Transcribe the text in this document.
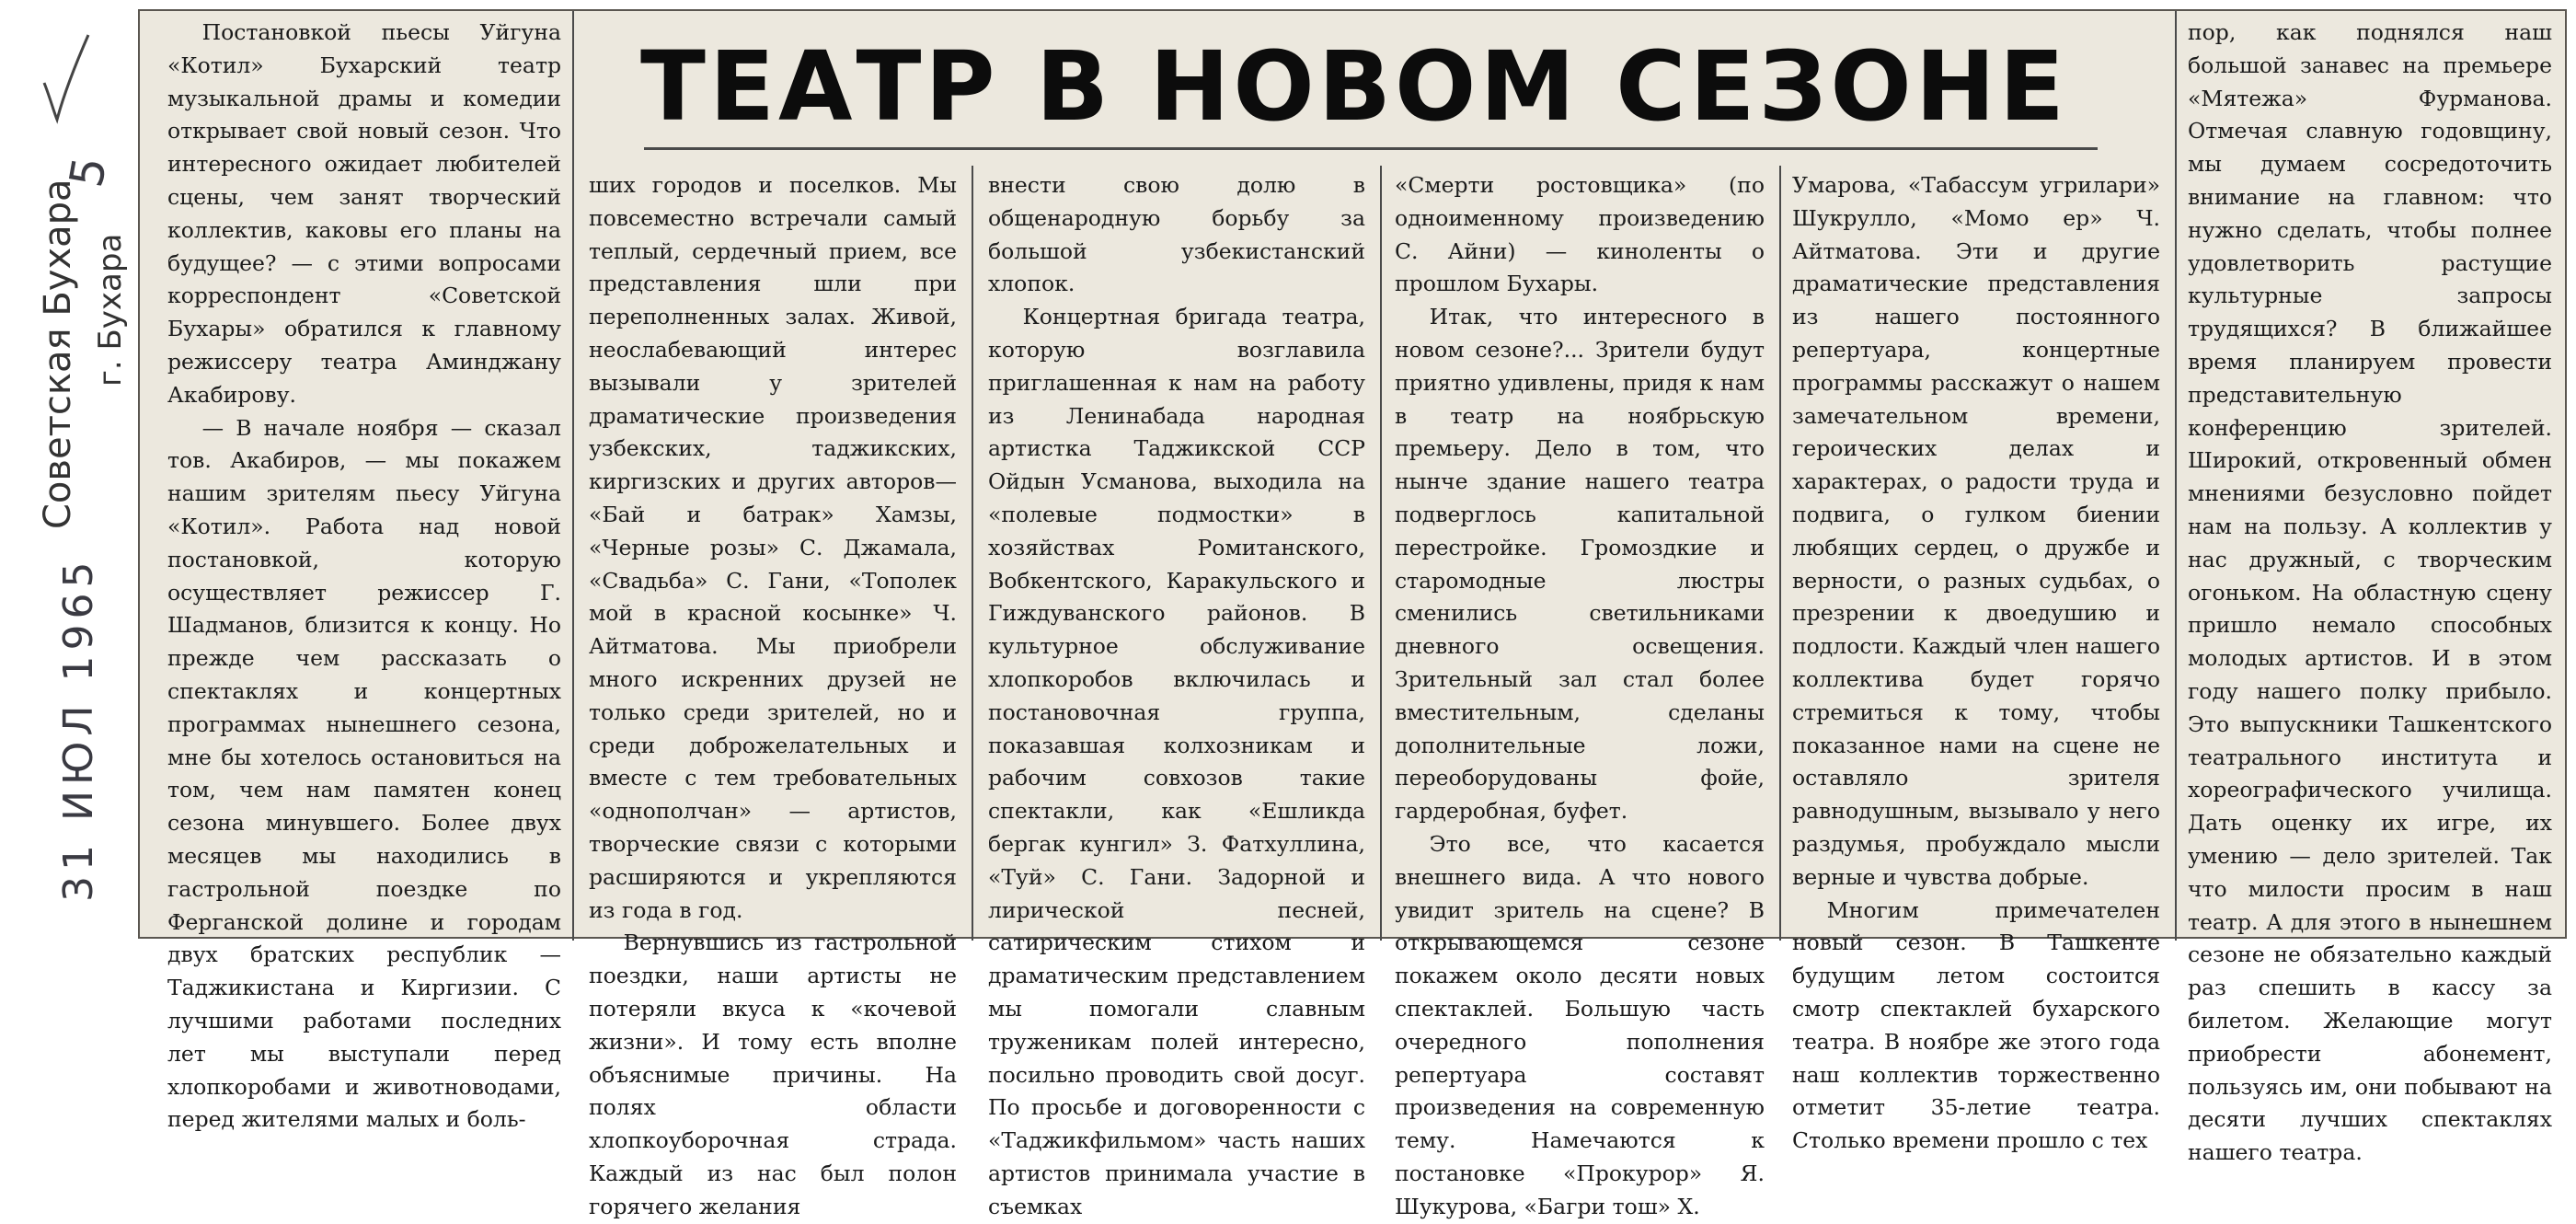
5
Советская Бухара г. Бухара
31 ИЮЛ 1965

Постановкой пьесы Уйгуна «Котил» Бухарский театр музыкальной драмы и комедии открывает свой новый сезон. Что интересного ожидает любителей сцены, чем занят творческий коллектив, каковы его планы на будущее? — с этими вопросами корреспондент «Советской Бухары» обратился к главному режиссеру театра Аминджану Акабирову.

— В начале ноября — сказал тов. Акабиров, — мы покажем нашим зрителям пьесу Уйгуна «Котил». Работа над новой постановкой, которую осуществляет режиссер Г. Шадманов, близится к концу. Но прежде чем рассказать о спектаклях и концертных программах нынешнего сезона, мне бы хотелось остановиться на том, чем нам памятен конец сезона минувшего. Более двух месяцев мы находились в гастрольной поездке по Ферганской долине и городам двух братских республик — Таджикистана и Киргизии. С лучшими работами последних лет мы выступали перед хлопкоробами и животноводами, перед жителями малых и боль-

ТЕАТР В НОВОМ СЕЗОНЕ

ших городов и поселков. Мы повсеместно встречали самый теплый, сердечный прием, все представления шли при переполненных залах. Живой, неослабевающий интерес вызывали у зрителей драматические произведения узбекских, таджикских, киргизских и других авторов— «Бай и батрак» Хамзы, «Черные розы» С. Джамала, «Свадьба» С. Гани, «Тополек мой в красной косынке» Ч. Айтматова. Мы приобрели много искренних друзей не только среди зрителей, но и среди доброжелательных и вместе с тем требовательных «однополчан» — артистов, творческие связи с которыми расширяются и укрепляются из года в год.

Вернувшись из гастрольной поездки, наши артисты не потеряли вкуса к «кочевой жизни». И тому есть вполне объяснимые причины. На полях области хлопкоуборочная страда. Каждый из нас был полон горячего желания

внести свою долю в общенародную борьбу за большой узбекистанский хлопок.

Концертная бригада театра, которую возглавила приглашенная к нам на работу из Ленинабада народная артистка Таджикской ССР Ойдын Усманова, выходила на «полевые подмостки» в хозяйствах Ромитанского, Вобкентского, Каракульского и Гиждуванского районов. В культурное обслуживание хлопкоробов включилась и постановочная группа, показавшая колхозникам и рабочим совхозов такие спектакли, как «Ешликда бергак кунгил» З. Фатхуллина, «Туй» С. Гани. Задорной и лирической песней, сатирическим стихом и драматическим представлением мы помогали славным труженикам полей интересно, посильно проводить свой досуг. По просьбе и договоренности с «Таджикфильмом» часть наших артистов принимала участие в съемках

«Смерти ростовщика» (по одноименному произведению С. Айни) — киноленты о прошлом Бухары.

Итак, что интересного в новом сезоне?... Зрители будут приятно удивлены, придя к нам в театр на ноябрьскую премьеру. Дело в том, что нынче здание нашего театра подверглось капитальной перестройке. Громоздкие и старомодные люстры сменились светильниками дневного освещения. Зрительный зал стал более вместительным, сделаны дополнительные ложи, переоборудованы фойе, гардеробная, буфет.

Это все, что касается внешнего вида. А что нового увидит зритель на сцене? В открывающемся сезоне покажем около десяти новых спектаклей. Большую часть очередного пополнения репертуара составят произведения на современную тему. Намечаются к постановке «Прокурор» Я. Шукурова, «Багри тош» Х.

Умарова, «Табассум угрилари» Шукрулло, «Момо ер» Ч. Айтматова. Эти и другие драматические представления из нашего постоянного репертуара, концертные программы расскажут о нашем замечательном времени, героических делах и характерах, о радости труда и подвига, о гулком биении любящих сердец, о дружбе и верности, о разных судьбах, о презрении к двоедушию и подлости. Каждый член нашего коллектива будет горячо стремиться к тому, чтобы показанное нами на сцене не оставляло зрителя равнодушным, вызывало у него раздумья, пробуждало мысли верные и чувства добрые.

Многим примечателен новый сезон. В Ташкенте будущим летом состоится смотр спектаклей бухарского театра. В ноябре же этого года наш коллектив торжественно отметит 35-летие театра. Столько времени прошло с тех

пор, как поднялся наш большой занавес на премьере «Мятежа» Фурманова. Отмечая славную годовщину, мы думаем сосредоточить внимание на главном: что нужно сделать, чтобы полнее удовлетворить растущие культурные запросы трудящихся? В ближайшее время планируем провести представительную конференцию зрителей. Широкий, откровенный обмен мнениями безусловно пойдет нам на пользу. А коллектив у нас дружный, с творческим огоньком. На областную сцену пришло немало способных молодых артистов. И в этом году нашего полку прибыло. Это выпускники Ташкентского театрального института и хореографического училища. Дать оценку их игре, их умению — дело зрителей. Так что милости просим в наш театр. А для этого в нынешнем сезоне не обязательно каждый раз спешить в кассу за билетом. Желающие могут приобрести абонемент, пользуясь им, они побывают на десяти лучших спектаклях нашего театра.
